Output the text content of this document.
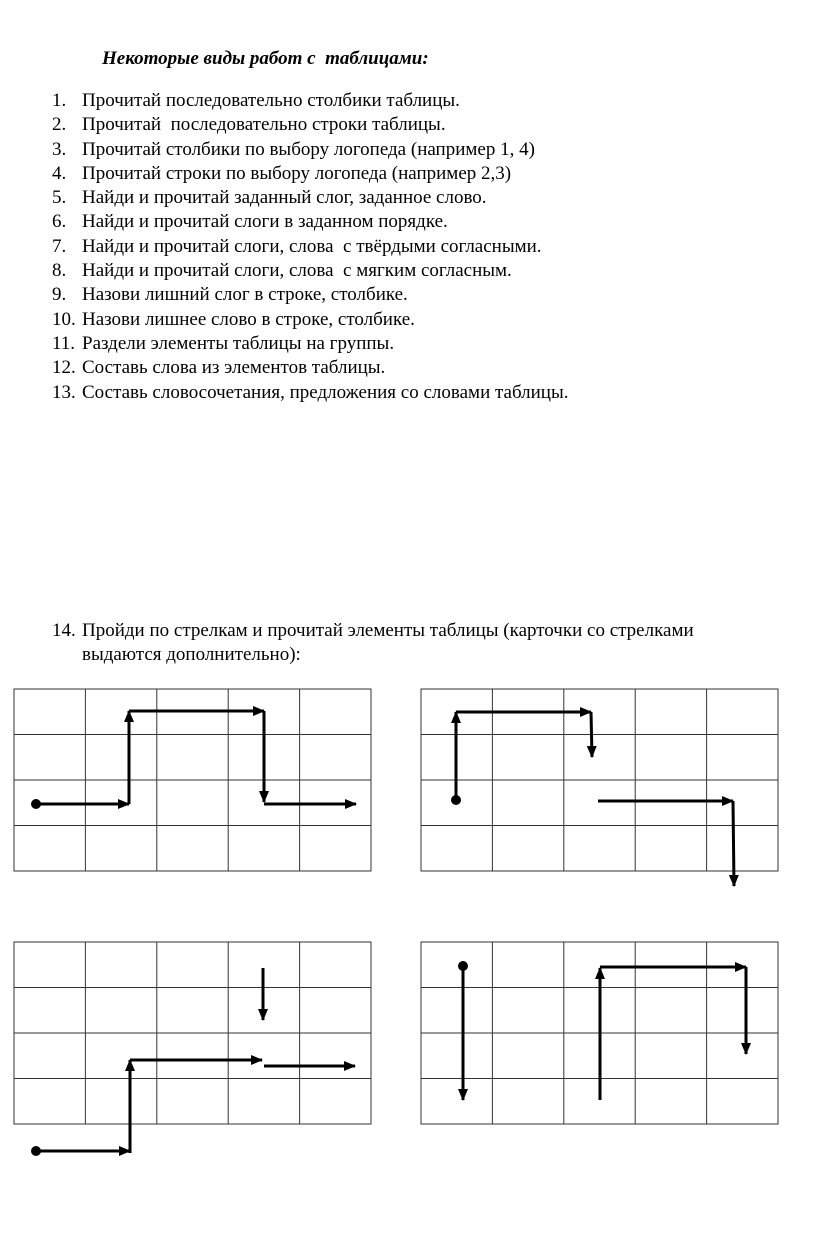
Некоторые виды работ с  таблицами:
1. Прочитай последовательно столбики таблицы.
2. Прочитай  последовательно строки таблицы.
3. Прочитай столбики по выбору логопеда (например 1, 4)
4. Прочитай строки по выбору логопеда (например 2,3)
5. Найди и прочитай заданный слог, заданное слово.
6. Найди и прочитай слоги в заданном порядке.
7. Найди и прочитай слоги, слова  с твёрдыми согласными.
8. Найди и прочитай слоги, слова  с мягким согласным.
9. Назови лишний слог в строке, столбике.
10. Назови лишнее слово в строке, столбике.
11. Раздели элементы таблицы на группы.
12. Составь слова из элементов таблицы.
13. Составь словосочетания, предложения со словами таблицы.
14. Пройди по стрелкам и прочитай элементы таблицы (карточки со стрелками выдаются дополнительно):
